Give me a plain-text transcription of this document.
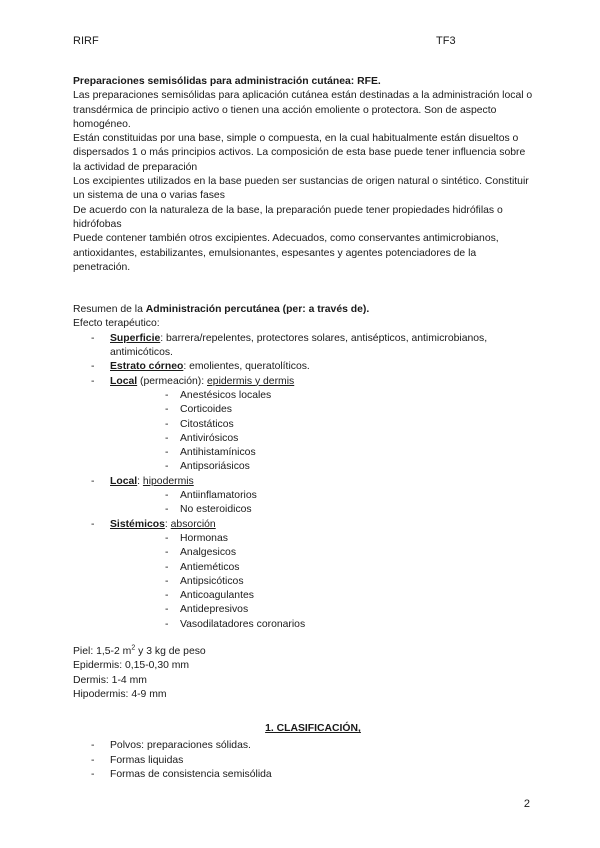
RIRF	TF3

Preparaciones semisólidas para administración cutánea: RFE.

Las preparaciones semisólidas para aplicación cutánea están destinadas a la administración local o transdérmica de principio activo o tienen una acción emoliente o protectora. Son de aspecto homogéneo.

Están constituidas por una base, simple o compuesta, en la cual habitualmente están disueltos o dispersados 1 o más principios activos. La composición de esta base puede tener influencia sobre la actividad de preparación

Los excipientes utilizados en la base pueden ser sustancias de origen natural o sintético. Constituir un sistema de una o varias fases

De acuerdo con la naturaleza de la base, la preparación puede tener propiedades hidrófilas o hidrófobas

Puede contener también otros excipientes. Adecuados, como conservantes antimicrobianos, antioxidantes, estabilizantes, emulsionantes, espesantes y agentes potenciadores de la penetración.

Resumen de la Administración percutánea (per: a través de).

Efecto terapéutico:

- Superficie: barrera/repelentes, protectores solares, antisépticos, antimicrobianos, antimicóticos.
- Estrato córneo: emolientes, queratolíticos.
- Local (permeación): epidermis y dermis
- Anestésicos locales
- Corticoides
- Citostáticos
- Antivirósicos
- Antihistamínicos
- Antipsoriásicos
- Local: hipodermis
- Antiinflamatorios
- No esteroidicos
- Sistémicos: absorción
- Hormonas
- Analgesicos
- Antieméticos
- Antipsicóticos
- Anticoagulantes
- Antidepresivos
- Vasodilatadores coronarios

Piel: 1,5-2 $m^2$ y 3 kg de peso

Epidermis: 0,15-0,30 mm

Dermis: 1-4 mm

Hipodermis: 4-9 mm

1. CLASIFICACIÓN,

- Polvos: preparaciones sólidas.
- Formas liquidas
- Formas de consistencia semisólida
2
